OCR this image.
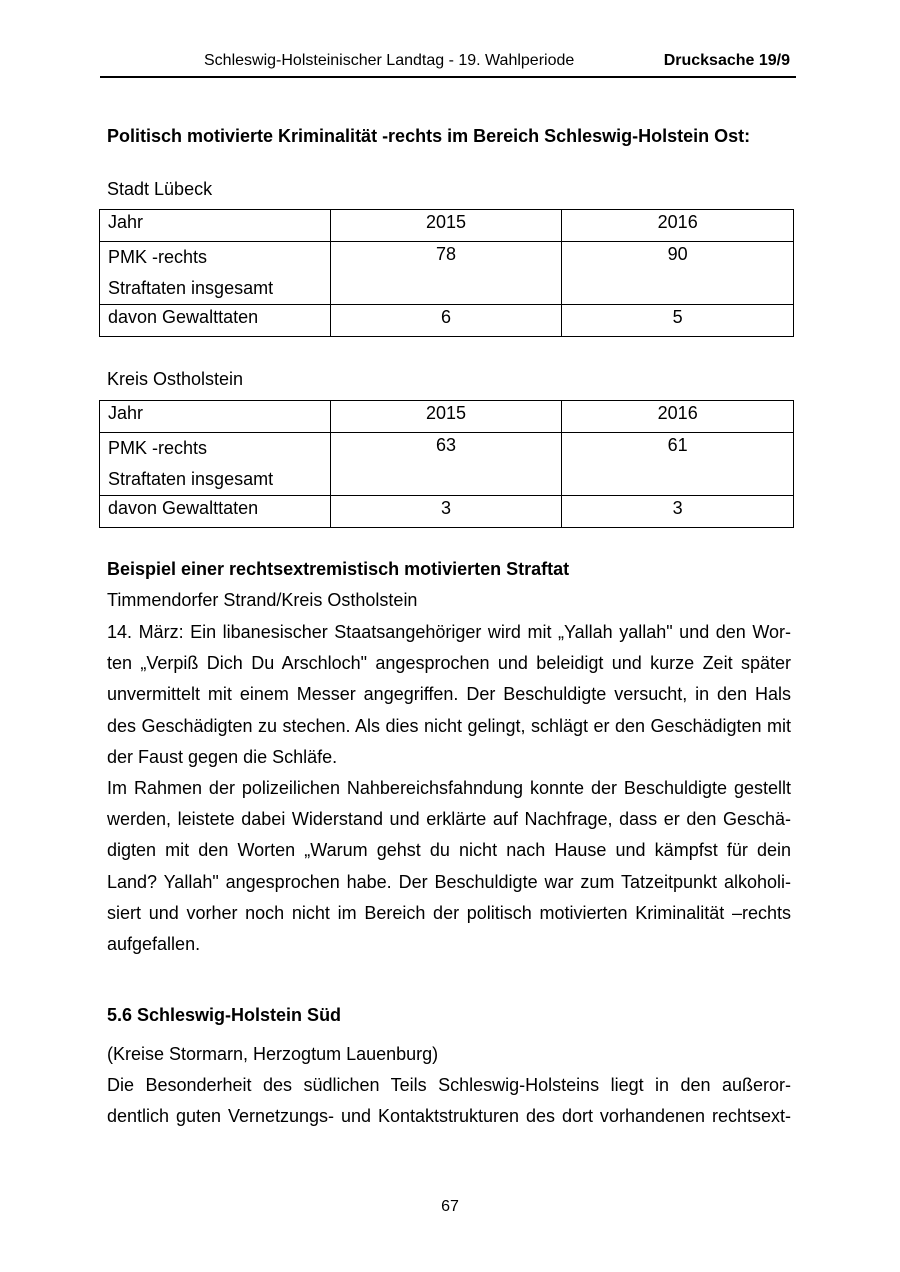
Schleswig-Holsteinischer Landtag - 19. Wahlperiode	Drucksache 19/9
Politisch motivierte Kriminalität -rechts im Bereich Schleswig-Holstein Ost:
Stadt Lübeck
Jahr	2015	2016

PMK -rechts
Straftaten insgesamt	78	90
davon Gewalttaten	6	5
Kreis Ostholstein
Jahr	2015	2016

PMK -rechts
Straftaten insgesamt	63	61
davon Gewalttaten	3	3
Beispiel einer rechtsextremistisch motivierten Straftat
Timmendorfer Strand/Kreis Ostholstein
14. März: Ein libanesischer Staatsangehöriger wird mit „Yallah yallah" und den Wor-
ten „Verpiß Dich Du Arschloch" angesprochen und beleidigt und kurze Zeit später
unvermittelt mit einem Messer angegriffen. Der Beschuldigte versucht, in den Hals
des Geschädigten zu stechen. Als dies nicht gelingt, schlägt er den Geschädigten mit
der Faust gegen die Schläfe.
Im Rahmen der polizeilichen Nahbereichsfahndung konnte der Beschuldigte gestellt
werden, leistete dabei Widerstand und erklärte auf Nachfrage, dass er den Geschä-
digten mit den Worten „Warum gehst du nicht nach Hause und kämpfst für dein
Land? Yallah" angesprochen habe. Der Beschuldigte war zum Tatzeitpunkt alkoholi-
siert und vorher noch nicht im Bereich der politisch motivierten Kriminalität –rechts
aufgefallen.
5.6 Schleswig-Holstein Süd
(Kreise Stormarn, Herzogtum Lauenburg)
Die Besonderheit des südlichen Teils Schleswig-Holsteins liegt in den außeror-
dentlich guten Vernetzungs- und Kontaktstrukturen des dort vorhandenen rechtsext-
67
